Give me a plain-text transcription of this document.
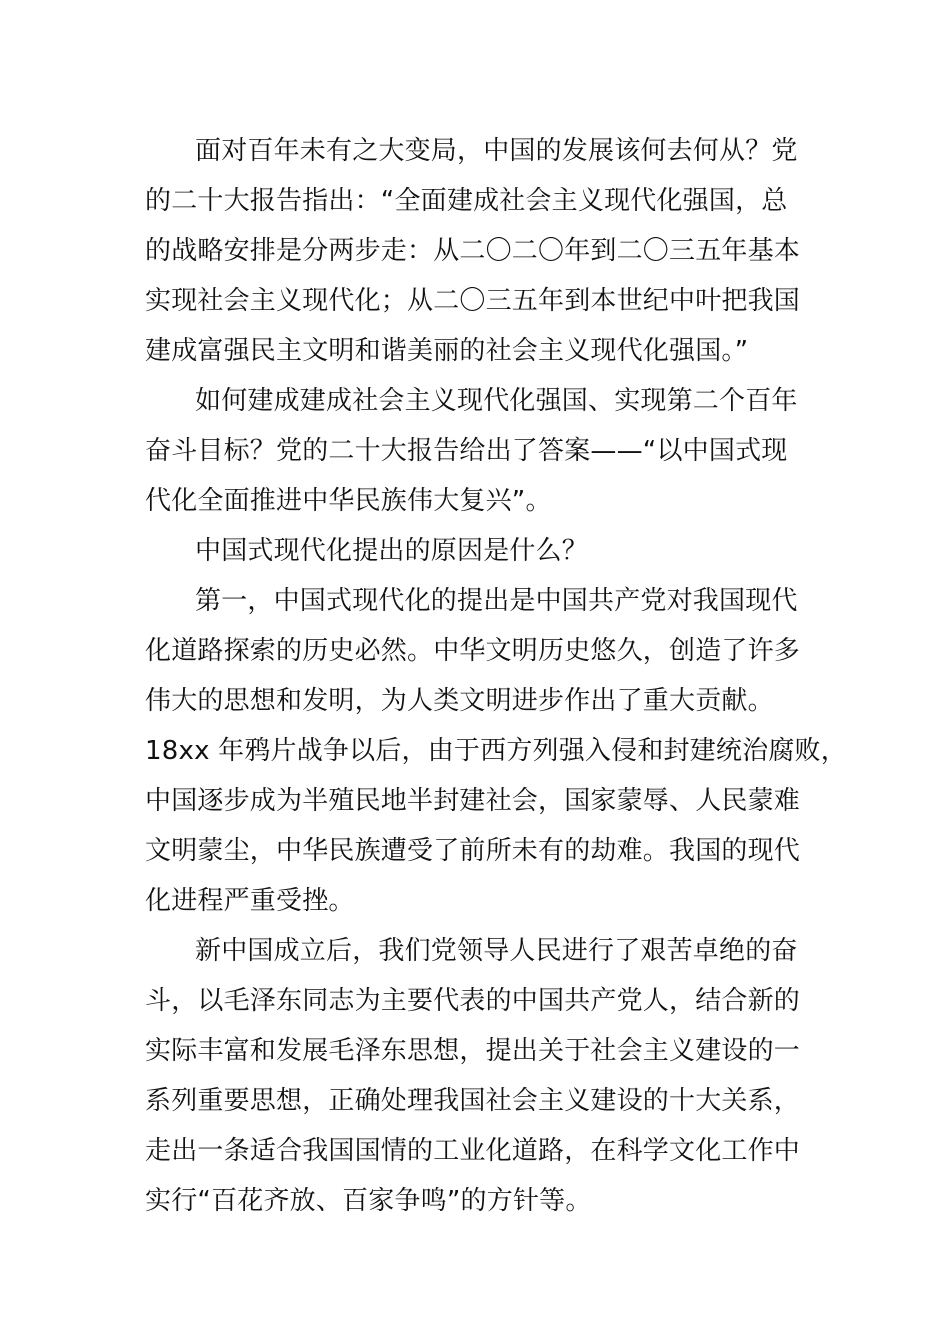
面对百年未有之大变局，中国的发展该何去何从？党
的二十大报告指出：“全面建成社会主义现代化强国，总
的战略安排是分两步走：从二〇二〇年到二〇三五年基本
实现社会主义现代化；从二〇三五年到本世纪中叶把我国
建成富强民主文明和谐美丽的社会主义现代化强国。”
如何建成建成社会主义现代化强国、实现第二个百年
奋斗目标？党的二十大报告给出了答案——“以中国式现
代化全面推进中华民族伟大复兴”。
中国式现代化提出的原因是什么？
第一，中国式现代化的提出是中国共产党对我国现代
化道路探索的历史必然。中华文明历史悠久，创造了许多
伟大的思想和发明，为人类文明进步作出了重大贡献。
18xx 年鸦片战争以后，由于西方列强入侵和封建统治腐败，
中国逐步成为半殖民地半封建社会，国家蒙辱、人民蒙难
文明蒙尘，中华民族遭受了前所未有的劫难。我国的现代
化进程严重受挫。
新中国成立后，我们党领导人民进行了艰苦卓绝的奋
斗，以毛泽东同志为主要代表的中国共产党人，结合新的
实际丰富和发展毛泽东思想，提出关于社会主义建设的一
系列重要思想，正确处理我国社会主义建设的十大关系，
走出一条适合我国国情的工业化道路，在科学文化工作中
实行“百花齐放、百家争鸣”的方针等。
